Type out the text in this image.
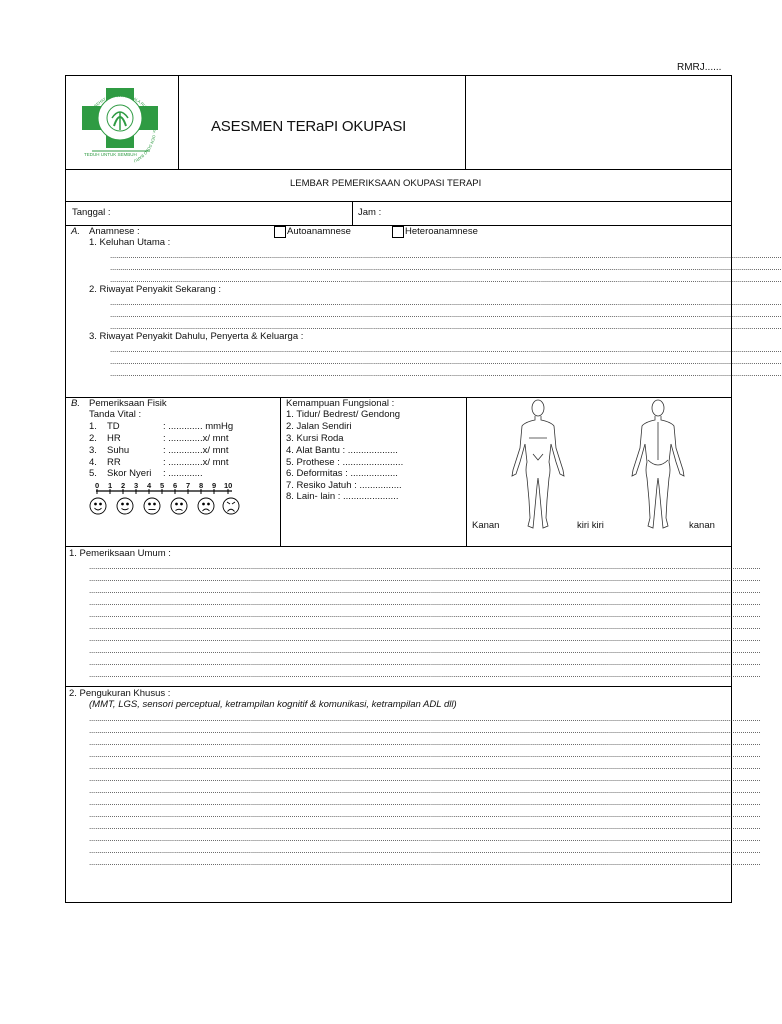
RMRJ......
YAYASAN KESEHATAN PANTI KOSALA RUMAH SAKIT Dr. OEN SOLO BARU
TEDUH UNTUK SEMBUH
ASESMEN TERaPI OKUPASI
LEMBAR PEMERIKSAAN OKUPASI TERAPI
Tanggal :	Jam :
A. Anamnese :	Autoanamnese	Heteroanamnese
1. Keluhan Utama :
............................................................................................................................................................................................................................................................................................................................................
............................................................................................................................................................................................................................................................................................................................................
............................................................................................................................................................................................................................................................................................................................................
2. Riwayat Penyakit Sekarang :
............................................................................................................................................................................................................................................................................................................................................
............................................................................................................................................................................................................................................................................................................................................
............................................................................................................................................................................................................................................................................................................................................
3. Riwayat Penyakit Dahulu, Penyerta & Keluarga :
............................................................................................................................................................................................................................................................................................................................................
............................................................................................................................................................................................................................................................................................................................................
............................................................................................................................................................................................................................................................................................................................................
B. Pemeriksaan Fisik
Tanda Vital :
1. TD	: ............. mmHg
2. HR	: .............x/ mnt
3. Suhu	: .............x/ mnt
4. RR	: .............x/ mnt
5. Skor Nyeri : .............
0 1 2 3 4 5 6 7 8 9 10
Kemampuan Fungsional :
1. Tidur/ Bedrest/ Gendong
2. Jalan Sendiri
3. Kursi Roda
4. Alat Bantu : ...................
5. Prothese : .......................
6. Deformitas : ..................
7. Resiko Jatuh : ................
8. Lain- lain : .....................
Kanan	kiri kiri	kanan
1. Pemeriksaan Umum :
............................................................................................................................................................................................................................................................................................................................................
............................................................................................................................................................................................................................................................................................................................................
............................................................................................................................................................................................................................................................................................................................................
............................................................................................................................................................................................................................................................................................................................................
............................................................................................................................................................................................................................................................................................................................................
............................................................................................................................................................................................................................................................................................................................................
............................................................................................................................................................................................................................................................................................................................................
............................................................................................................................................................................................................................................................................................................................................
............................................................................................................................................................................................................................................................................................................................................
............................................................................................................................................................................................................................................................................................................................................
2. Pengukuran Khusus :
(MMT, LGS, sensori perceptual, ketrampilan kognitif & komunikasi, ketrampilan ADL dll)
............................................................................................................................................................................................................................................................................................................................................
............................................................................................................................................................................................................................................................................................................................................
............................................................................................................................................................................................................................................................................................................................................
............................................................................................................................................................................................................................................................................................................................................
............................................................................................................................................................................................................................................................................................................................................
............................................................................................................................................................................................................................................................................................................................................
............................................................................................................................................................................................................................................................................................................................................
............................................................................................................................................................................................................................................................................................................................................
............................................................................................................................................................................................................................................................................................................................................
............................................................................................................................................................................................................................................................................................................................................
............................................................................................................................................................................................................................................................................................................................................
............................................................................................................................................................................................................................................................................................................................................
............................................................................................................................................................................................................................................................................................................................................
